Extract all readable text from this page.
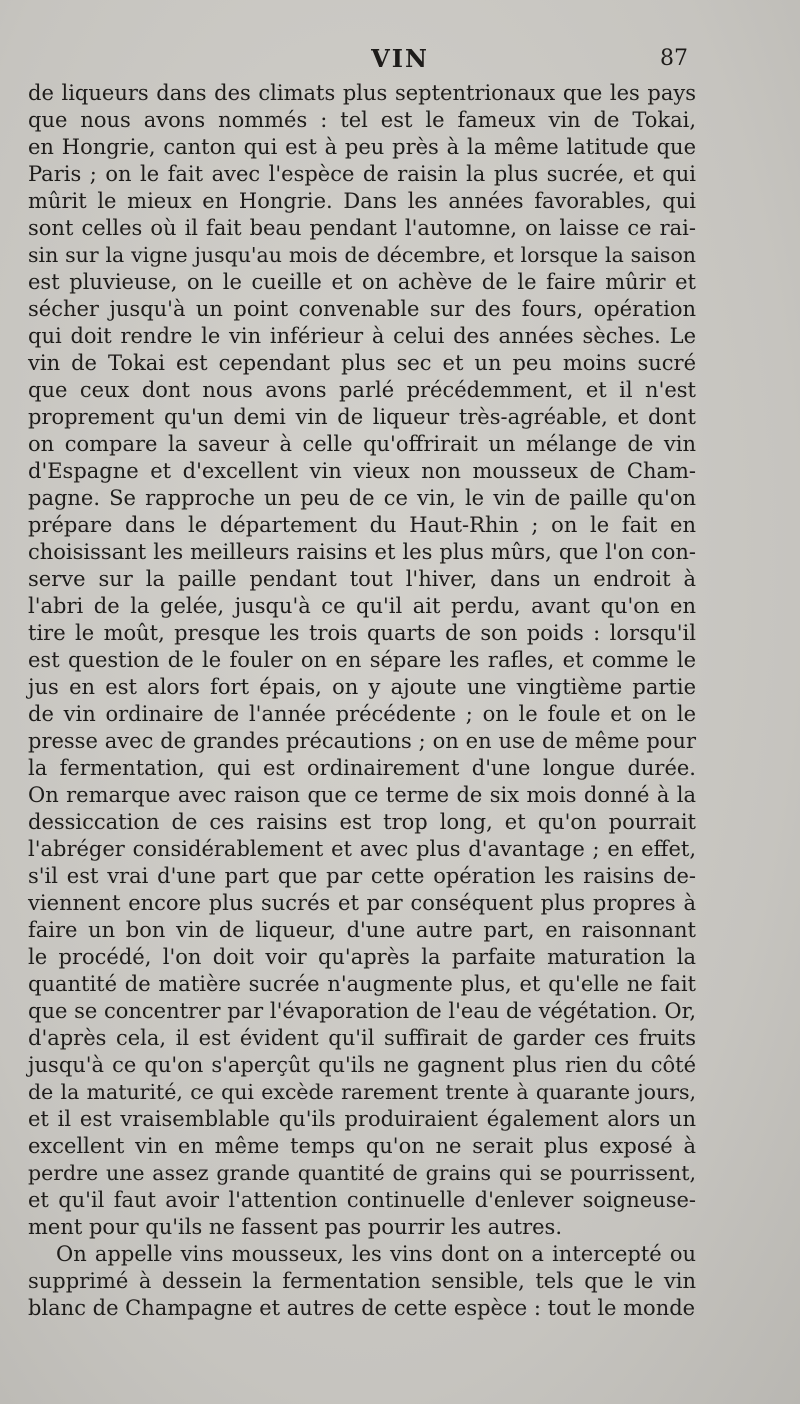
VIN	87
de liqueurs dans des climats plus septentrionaux que les pays
que nous avons nommés : tel est le fameux vin de Tokai,
en Hongrie, canton qui est à peu près à la même latitude que
Paris ; on le fait avec l'espèce de raisin la plus sucrée, et qui
mûrit le mieux en Hongrie. Dans les années favorables, qui
sont celles où il fait beau pendant l'automne, on laisse ce rai-
sin sur la vigne jusqu'au mois de décembre, et lorsque la saison
est pluvieuse, on le cueille et on achève de le faire mûrir et
sécher jusqu'à un point convenable sur des fours, opération
qui doit rendre le vin inférieur à celui des années sèches. Le
vin de Tokai est cependant plus sec et un peu moins sucré
que ceux dont nous avons parlé précédemment, et il n'est
proprement qu'un demi vin de liqueur très-agréable, et dont
on compare la saveur à celle qu'offrirait un mélange de vin
d'Espagne et d'excellent vin vieux non mousseux de Cham-
pagne. Se rapproche un peu de ce vin, le vin de paille qu'on
prépare dans le département du Haut-Rhin ; on le fait en
choisissant les meilleurs raisins et les plus mûrs, que l'on con-
serve sur la paille pendant tout l'hiver, dans un endroit à
l'abri de la gelée, jusqu'à ce qu'il ait perdu, avant qu'on en
tire le moût, presque les trois quarts de son poids : lorsqu'il
est question de le fouler on en sépare les rafles, et comme le
jus en est alors fort épais, on y ajoute une vingtième partie
de vin ordinaire de l'année précédente ; on le foule et on le
presse avec de grandes précautions ; on en use de même pour
la fermentation, qui est ordinairement d'une longue durée.
On remarque avec raison que ce terme de six mois donné à la
dessiccation de ces raisins est trop long, et qu'on pourrait
l'abréger considérablement et avec plus d'avantage ; en effet,
s'il est vrai d'une part que par cette opération les raisins de-
viennent encore plus sucrés et par conséquent plus propres à
faire un bon vin de liqueur, d'une autre part, en raisonnant
le procédé, l'on doit voir qu'après la parfaite maturation la
quantité de matière sucrée n'augmente plus, et qu'elle ne fait
que se concentrer par l'évaporation de l'eau de végétation. Or,
d'après cela, il est évident qu'il suffirait de garder ces fruits
jusqu'à ce qu'on s'aperçût qu'ils ne gagnent plus rien du côté
de la maturité, ce qui excède rarement trente à quarante jours,
et il est vraisemblable qu'ils produiraient également alors un
excellent vin en même temps qu'on ne serait plus exposé à
perdre une assez grande quantité de grains qui se pourrissent,
et qu'il faut avoir l'attention continuelle d'enlever soigneuse-
ment pour qu'ils ne fassent pas pourrir les autres.
On appelle vins mousseux, les vins dont on a intercepté ou
supprimé à dessein la fermentation sensible, tels que le vin
blanc de Champagne et autres de cette espèce : tout le monde
